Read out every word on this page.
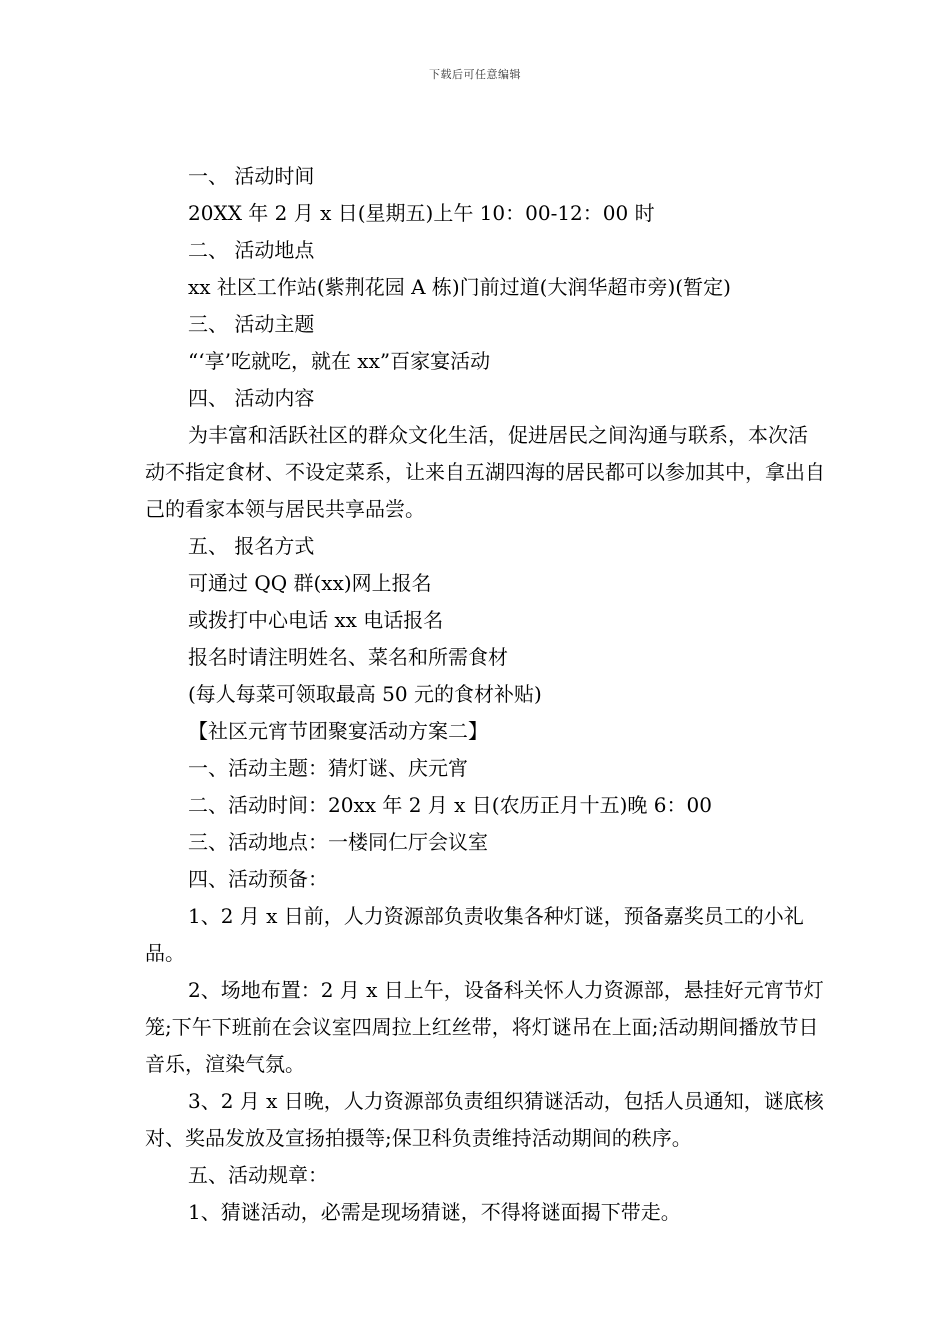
下载后可任意编辑

一、 活动时间

20XX 年 2 月 x 日(星期五)上午 10：00-12：00 时

二、 活动地点

xx 社区工作站(紫荆花园 A 栋)门前过道(大润华超市旁)(暂定)

三、 活动主题

“‘享’吃就吃，就在 xx”百家宴活动

四、 活动内容

为丰富和活跃社区的群众文化生活，促进居民之间沟通与联系，本次活动不指定食材、不设定菜系，让来自五湖四海的居民都可以参加其中，拿出自己的看家本领与居民共享品尝。

五、 报名方式

可通过 QQ 群(xx)网上报名

或拨打中心电话 xx 电话报名

报名时请注明姓名、菜名和所需食材

(每人每菜可领取最高 50 元的食材补贴)

【社区元宵节团聚宴活动方案二】

一、活动主题：猜灯谜、庆元宵

二、活动时间：20xx 年 2 月 x 日(农历正月十五)晚 6：00

三、活动地点：一楼同仁厅会议室

四、活动预备：

1、2 月 x 日前，人力资源部负责收集各种灯谜，预备嘉奖员工的小礼品。

2、场地布置：2 月 x 日上午，设备科关怀人力资源部，悬挂好元宵节灯笼;下午下班前在会议室四周拉上红丝带，将灯谜吊在上面;活动期间播放节日音乐，渲染气氛。

3、2 月 x 日晚，人力资源部负责组织猜谜活动，包括人员通知，谜底核对、奖品发放及宣扬拍摄等;保卫科负责维持活动期间的秩序。

五、活动规章：

1、猜谜活动，必需是现场猜谜，不得将谜面揭下带走。
